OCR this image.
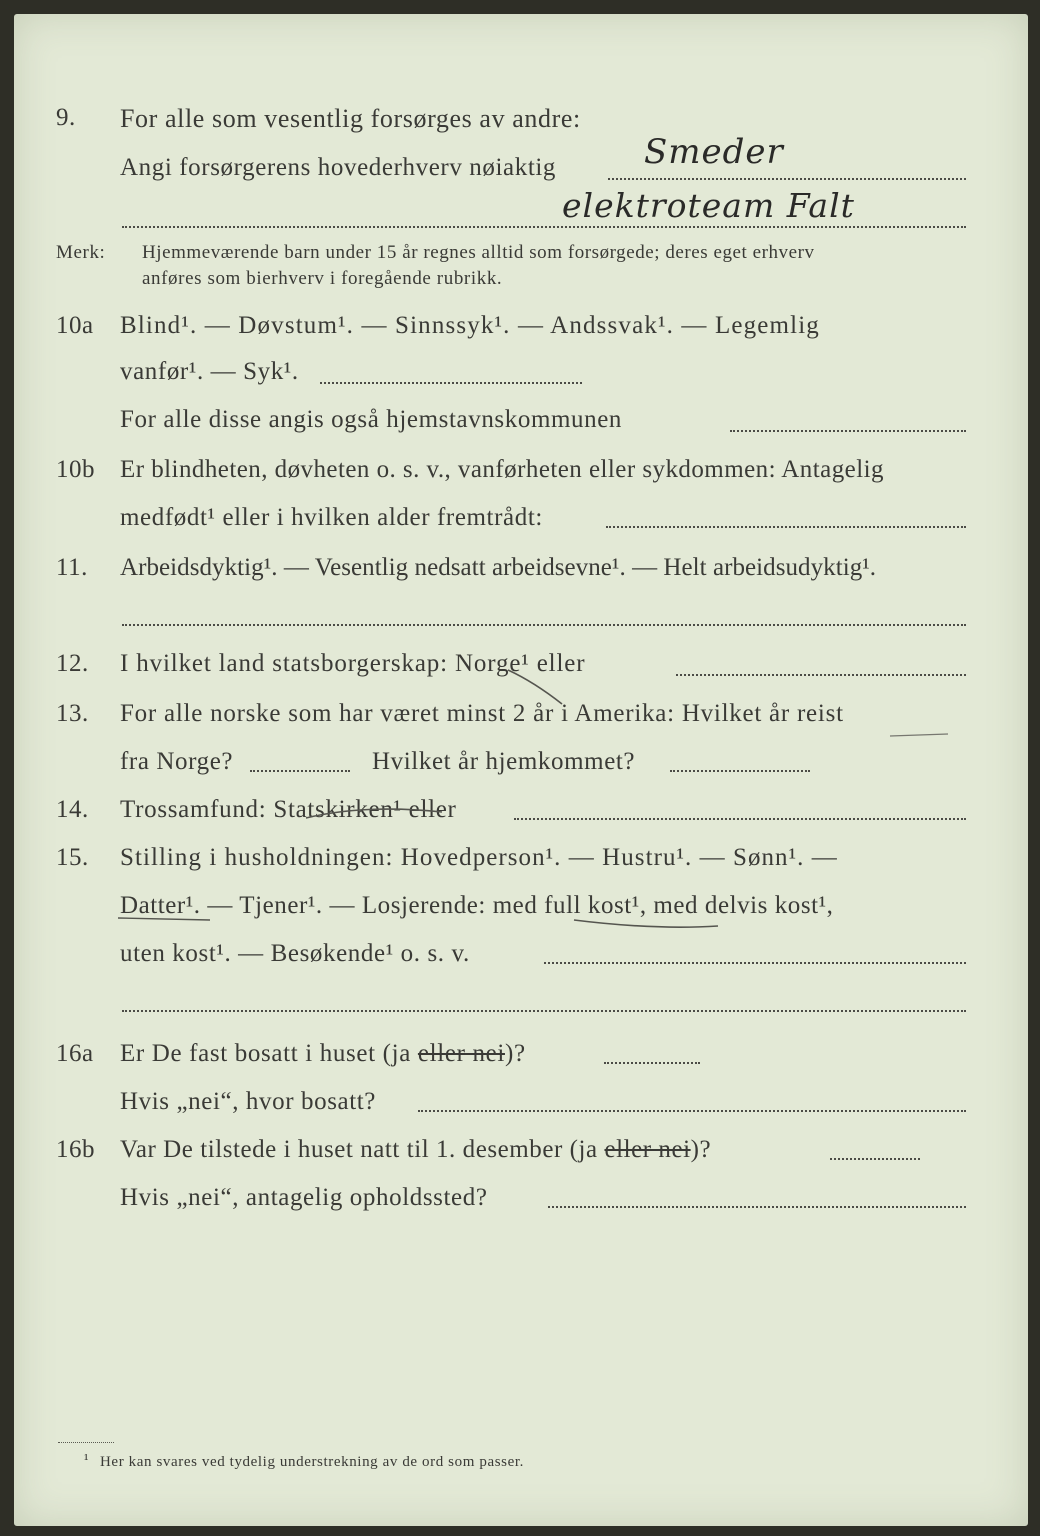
9. For alle som vesentlig forsørges av andre:
Angi forsørgerens hovederhverv nøiaktig	Smeder
elektroteam Falt
Merk: Hjemmeværende barn under 15 år regnes alltid som forsørgede; deres eget erhverv
anføres som bierhverv i foregående rubrikk.
10a Blind¹. — Døvstum¹. — Sinnssyk¹. — Andssvak¹. — Legemlig
vanfør¹. — Syk¹.
For alle disse angis også hjemstavnskommunen
10b Er blindheten, døvheten o. s. v., vanførheten eller sykdommen: Antagelig
medfødt¹ eller i hvilken alder fremtrådt:
11. Arbeidsdyktig¹. — Vesentlig nedsatt arbeidsevne¹. — Helt arbeidsudyktig¹.
12. I hvilket land statsborgerskap: Norge¹ eller
13. For alle norske som har været minst 2 år i Amerika: Hvilket år reist
fra Norge?	Hvilket år hjemkommet?
14. Trossamfund: Statskirken¹ eller
15. Stilling i husholdningen: Hovedperson¹. — Hustru¹. — Sønn¹. —
Datter¹. — Tjener¹. — Losjerende: med full kost¹, med delvis kost¹,
uten kost¹. — Besøkende¹ o. s. v.
16a Er De fast bosatt i huset (ja eller nei)?
Hvis „nei“, hvor bosatt?
16b Var De tilstede i huset natt til 1. desember (ja eller nei)?
Hvis „nei“, antagelig opholdssted?
¹ Her kan svares ved tydelig understrekning av de ord som passer.
